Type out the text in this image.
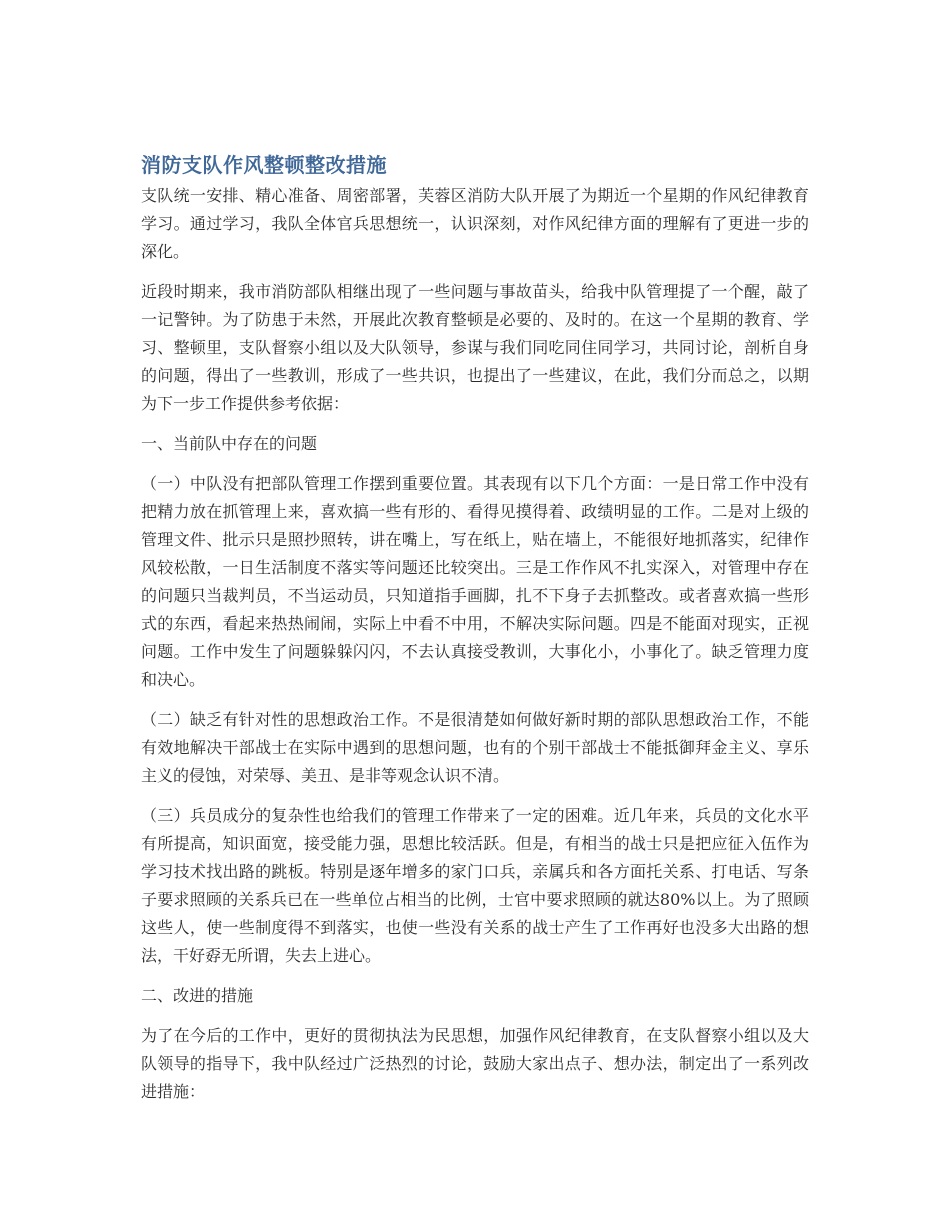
消防支队作风整顿整改措施

支队统一安排、精心准备、周密部署，芙蓉区消防大队开展了为期近一个星期的作风纪律教育学习。通过学习，我队全体官兵思想统一，认识深刻，对作风纪律方面的理解有了更进一步的深化。

近段时期来，我市消防部队相继出现了一些问题与事故苗头，给我中队管理提了一个醒，敲了一记警钟。为了防患于未然，开展此次教育整顿是必要的、及时的。在这一个星期的教育、学习、整顿里，支队督察小组以及大队领导，参谋与我们同吃同住同学习，共同讨论，剖析自身的问题，得出了一些教训，形成了一些共识，也提出了一些建议，在此，我们分而总之，以期为下一步工作提供参考依据：

一、当前队中存在的问题

（一）中队没有把部队管理工作摆到重要位置。其表现有以下几个方面：一是日常工作中没有把精力放在抓管理上来，喜欢搞一些有形的、看得见摸得着、政绩明显的工作。二是对上级的管理文件、批示只是照抄照转，讲在嘴上，写在纸上，贴在墙上，不能很好地抓落实，纪律作风较松散，一日生活制度不落实等问题还比较突出。三是工作作风不扎实深入，对管理中存在的问题只当裁判员，不当运动员，只知道指手画脚，扎不下身子去抓整改。或者喜欢搞一些形式的东西，看起来热热闹闹，实际上中看不中用，不解决实际问题。四是不能面对现实，正视问题。工作中发生了问题躲躲闪闪，不去认真接受教训，大事化小，小事化了。缺乏管理力度和决心。

（二）缺乏有针对性的思想政治工作。不是很清楚如何做好新时期的部队思想政治工作，不能有效地解决干部战士在实际中遇到的思想问题，也有的个别干部战士不能抵御拜金主义、享乐主义的侵蚀，对荣辱、美丑、是非等观念认识不清。

（三）兵员成分的复杂性也给我们的管理工作带来了一定的困难。近几年来，兵员的文化水平有所提高，知识面宽，接受能力强，思想比较活跃。但是，有相当的战士只是把应征入伍作为学习技术找出路的跳板。特别是逐年增多的家门口兵，亲属兵和各方面托关系、打电话、写条子要求照顾的关系兵已在一些单位占相当的比例，士官中要求照顾的就达80%以上。为了照顾这些人，使一些制度得不到落实，也使一些没有关系的战士产生了工作再好也没多大出路的想法，干好孬无所谓，失去上进心。

二、改进的措施

为了在今后的工作中，更好的贯彻执法为民思想，加强作风纪律教育，在支队督察小组以及大队领导的指导下，我中队经过广泛热烈的讨论，鼓励大家出点子、想办法，制定出了一系列改进措施：
